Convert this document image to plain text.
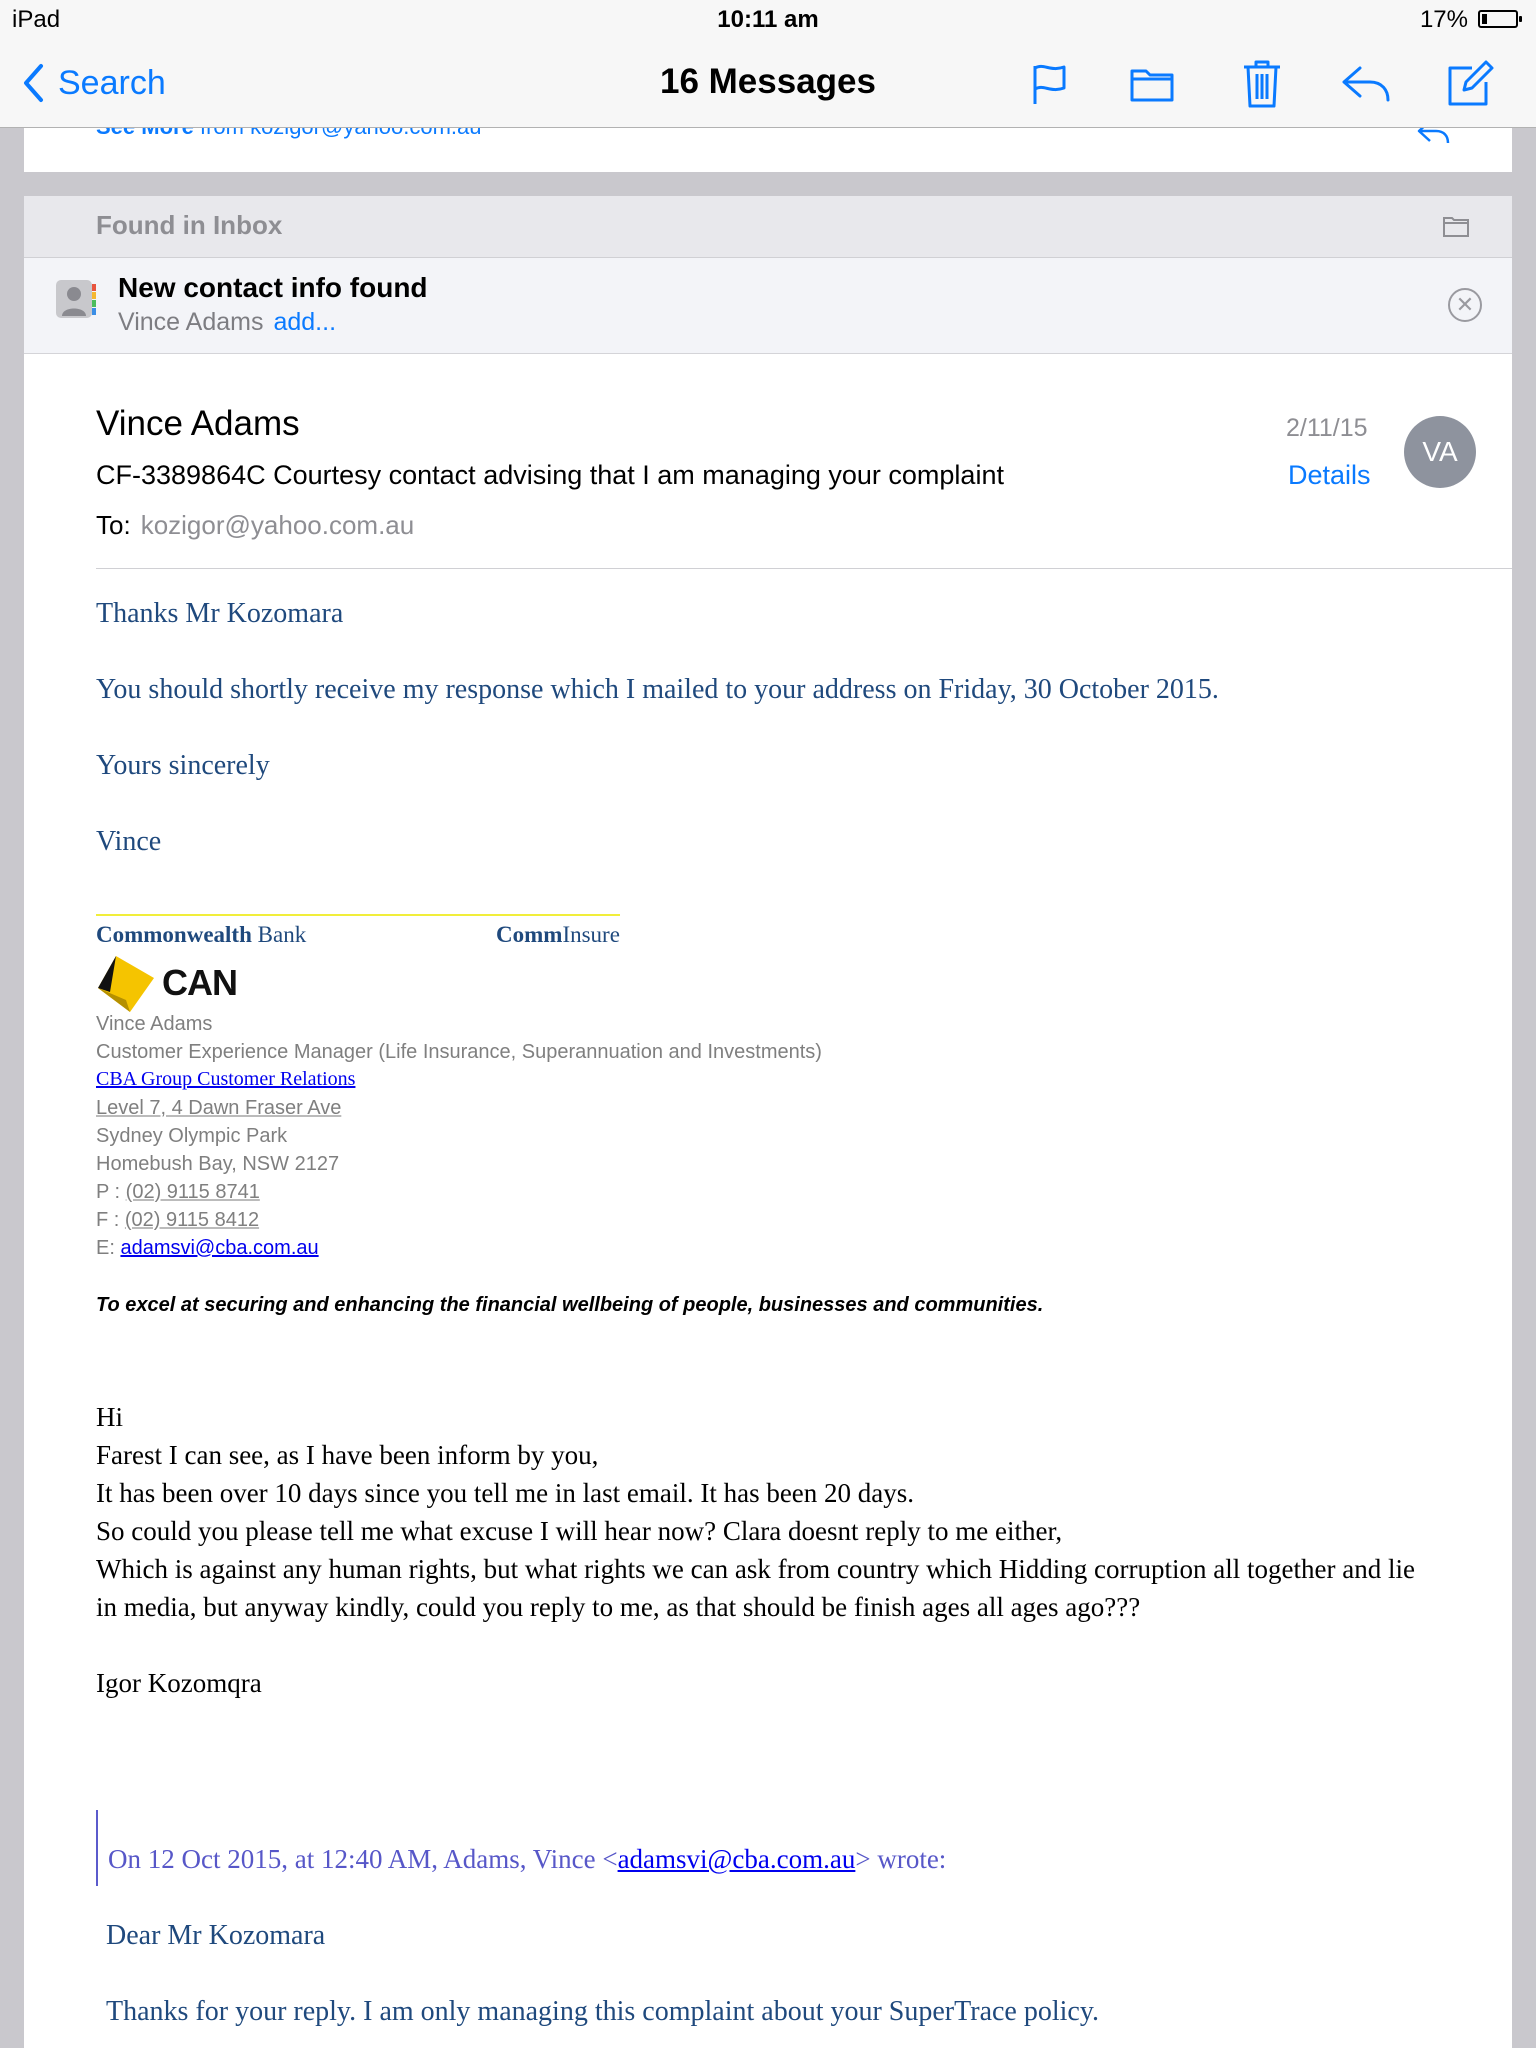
iPad	10:11 am	17%
Search	16 Messages
Found in Inbox
New contact info found
Vince Adams add...
✕
Vince Adams	2/11/15
Details
VA
CF-3389864C Courtesy contact advising that I am managing your complaint
To: kozigor@yahoo.com.au
Thanks Mr Kozomara
You should shortly receive my response which I mailed to your address on Friday, 30 October 2015.
Yours sincerely
Vince
Commonwealth Bank	CommInsure
CAN
Vince Adams
Customer Experience Manager (Life Insurance, Superannuation and Investments)
CBA Group Customer Relations
Level 7, 4 Dawn Fraser Ave
Sydney Olympic Park
Homebush Bay, NSW 2127
P : (02) 9115 8741
F : (02) 9115 8412
E: adamsvi@cba.com.au
To excel at securing and enhancing the financial wellbeing of people, businesses and communities.
Hi
Farest I can see, as I have been inform by you,
It has been over 10 days since you tell me in last email. It has been 20 days.
So could you please tell me what excuse I will hear now? Clara doesnt reply to me either,
Which is against any human rights, but what rights we can ask from country which Hidding corruption all together and lie in media, but anyway kindly, could you reply to me, as that should be finish ages all ages ago???
Igor Kozomqra
On 12 Oct 2015, at 12:40 AM, Adams, Vince <adamsvi@cba.com.au> wrote:
Dear Mr Kozomara
Thanks for your reply. I am only managing this complaint about your SuperTrace policy.
